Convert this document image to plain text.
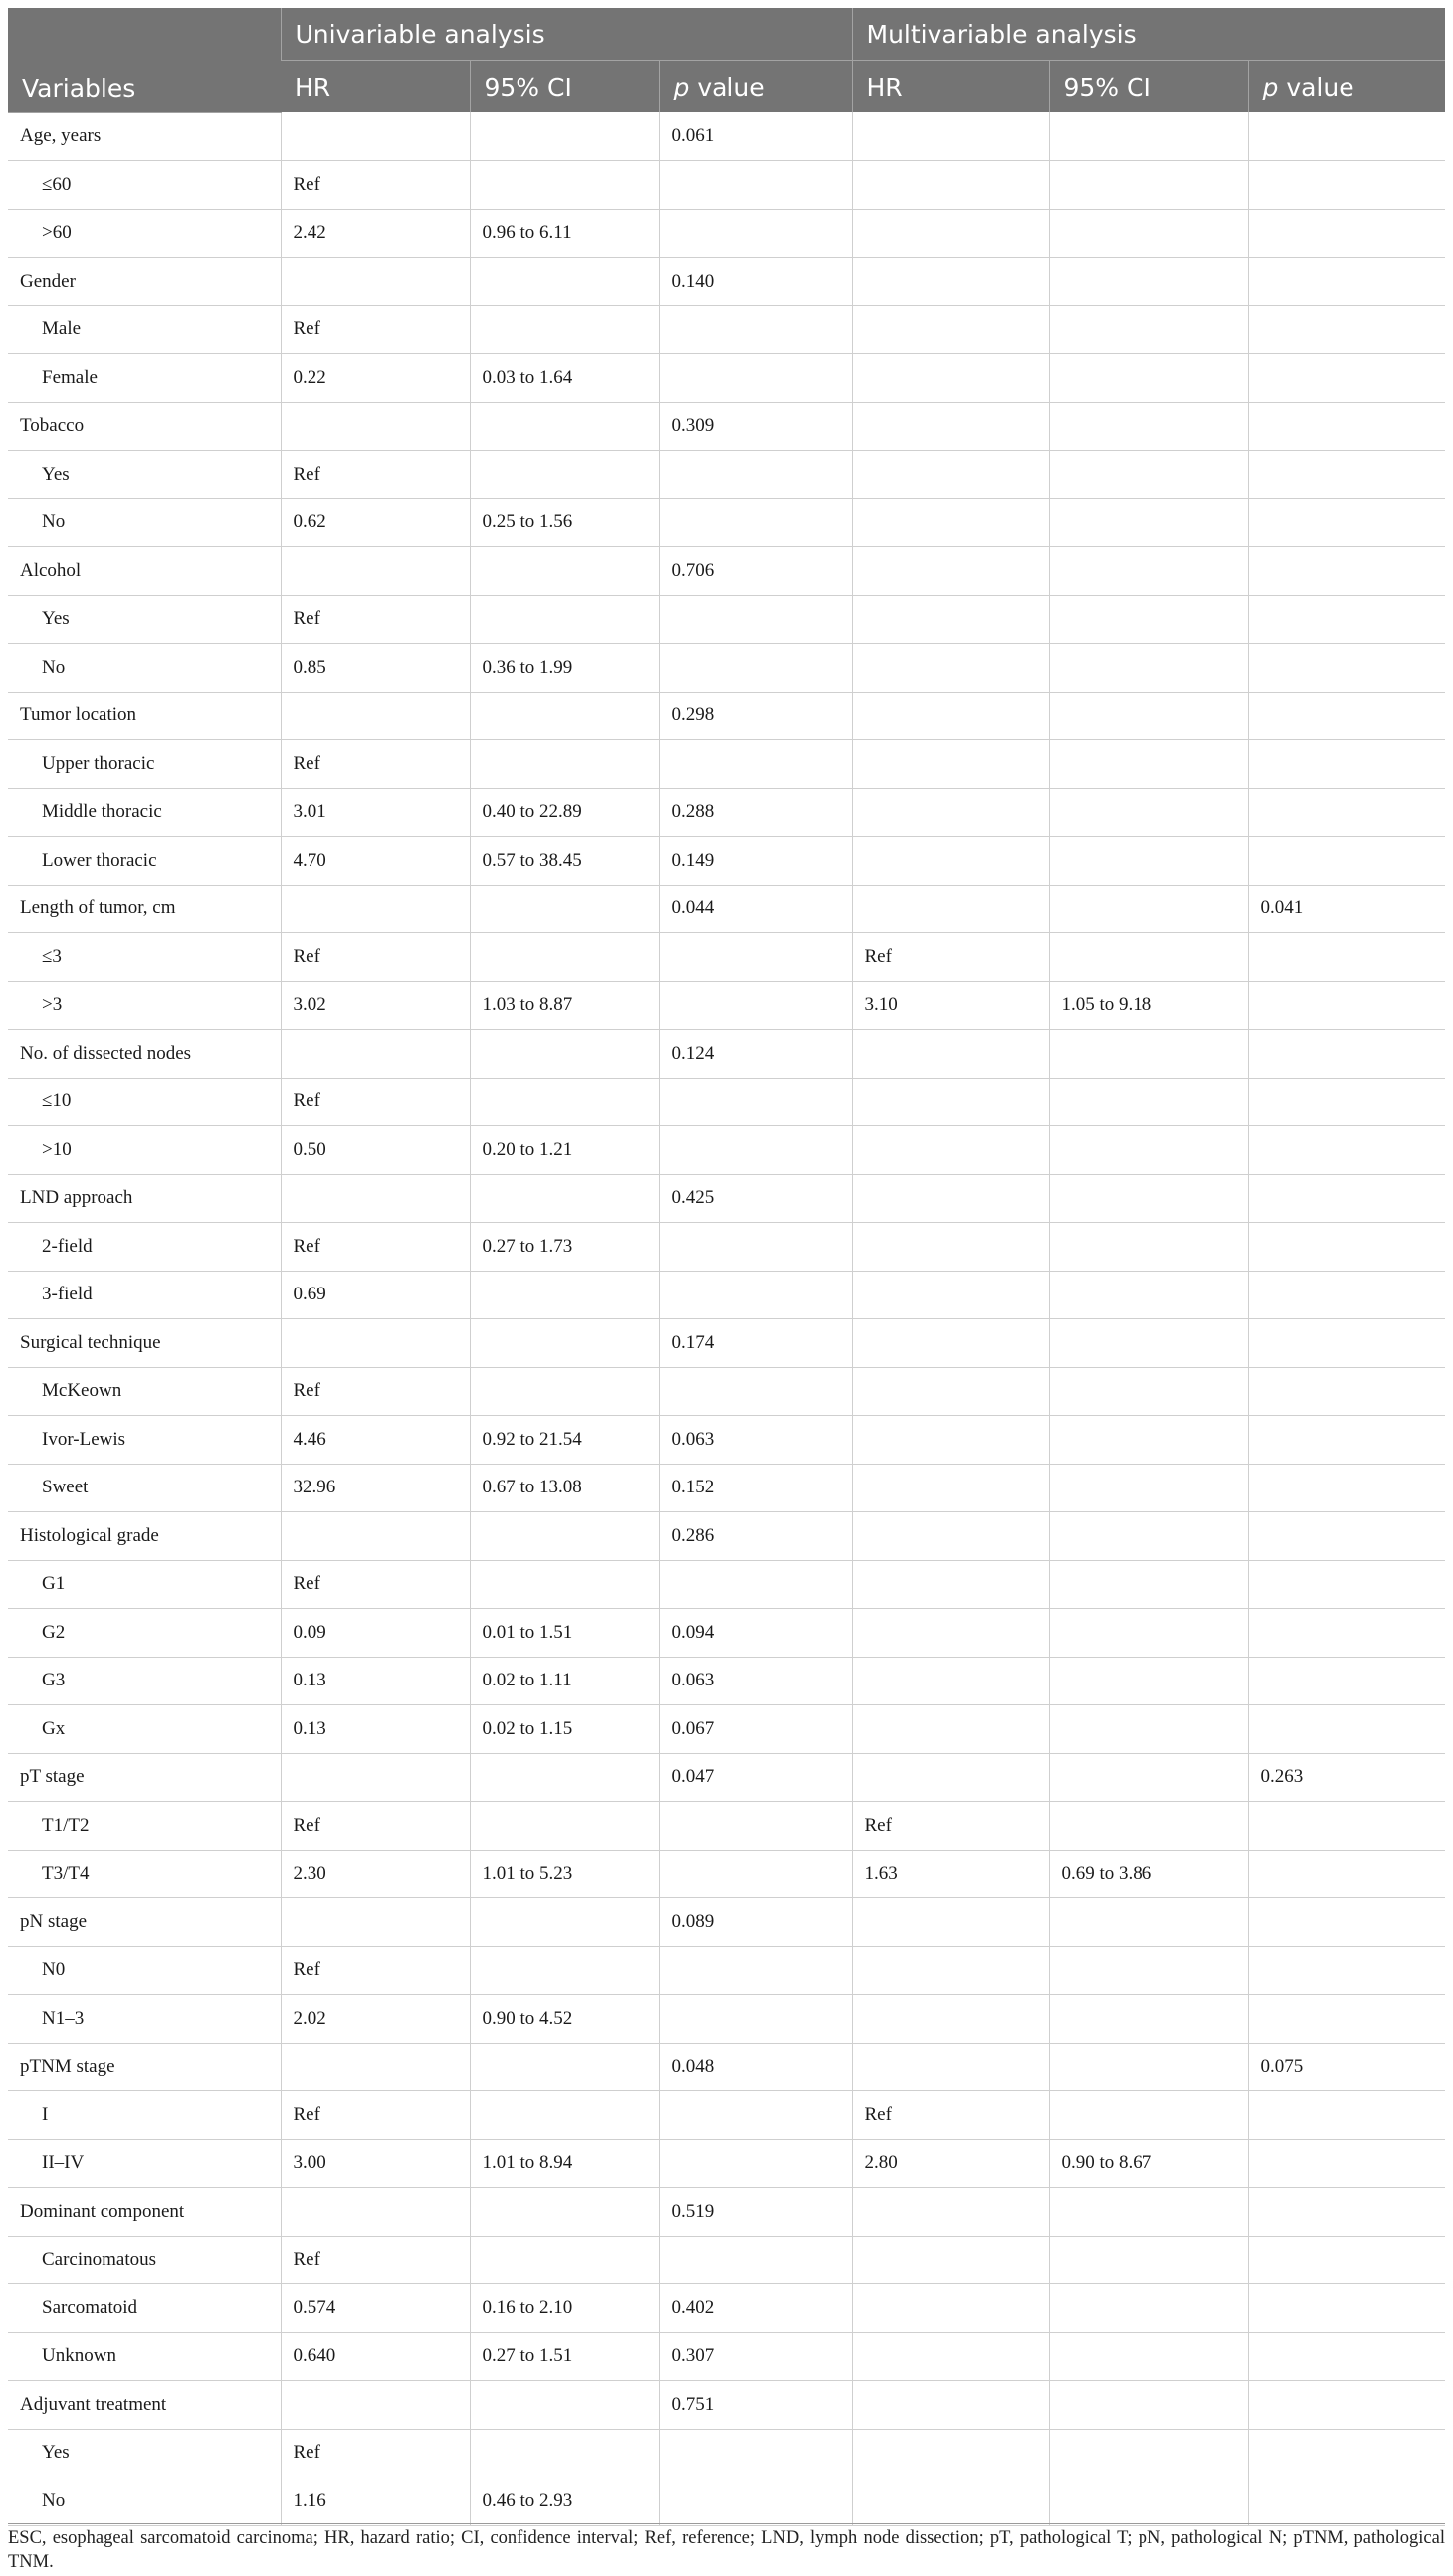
Variables	Univariable analysis			Multivariable analysis		
	HR	95% CI	p value	HR	95% CI	p value
Age, years			0.061			
≤60	Ref					
>60	2.42	0.96 to 6.11				
Gender			0.140			
Male	Ref					
Female	0.22	0.03 to 1.64				
Tobacco			0.309			
Yes	Ref					
No	0.62	0.25 to 1.56				
Alcohol			0.706			
Yes	Ref					
No	0.85	0.36 to 1.99				
Tumor location			0.298			
Upper thoracic	Ref					
Middle thoracic	3.01	0.40 to 22.89	0.288			
Lower thoracic	4.70	0.57 to 38.45	0.149			
Length of tumor, cm			0.044			0.041
≤3	Ref			Ref		
>3	3.02	1.03 to 8.87		3.10	1.05 to 9.18	
No. of dissected nodes			0.124			
≤10	Ref					
>10	0.50	0.20 to 1.21				
LND approach			0.425			
2-field	Ref	0.27 to 1.73				
3-field	0.69					
Surgical technique			0.174			
McKeown	Ref					
Ivor-Lewis	4.46	0.92 to 21.54	0.063			
Sweet	32.96	0.67 to 13.08	0.152			
Histological grade			0.286			
G1	Ref					
G2	0.09	0.01 to 1.51	0.094			
G3	0.13	0.02 to 1.11	0.063			
Gx	0.13	0.02 to 1.15	0.067			
pT stage			0.047			0.263
T1/T2	Ref			Ref		
T3/T4	2.30	1.01 to 5.23		1.63	0.69 to 3.86	
pN stage			0.089			
N0	Ref					
N1–3	2.02	0.90 to 4.52				
pTNM stage			0.048			0.075
I	Ref			Ref		
II–IV	3.00	1.01 to 8.94		2.80	0.90 to 8.67	
Dominant component			0.519			
Carcinomatous	Ref					
Sarcomatoid	0.574	0.16 to 2.10	0.402			
Unknown	0.640	0.27 to 1.51	0.307			
Adjuvant treatment			0.751			
Yes	Ref					
No	1.16	0.46 to 2.93				
ESC, esophageal sarcomatoid carcinoma; HR, hazard ratio; CI, confidence interval; Ref, reference; LND, lymph node dissection; pT, pathological T; pN, pathological N; pTNM, pathological TNM.
